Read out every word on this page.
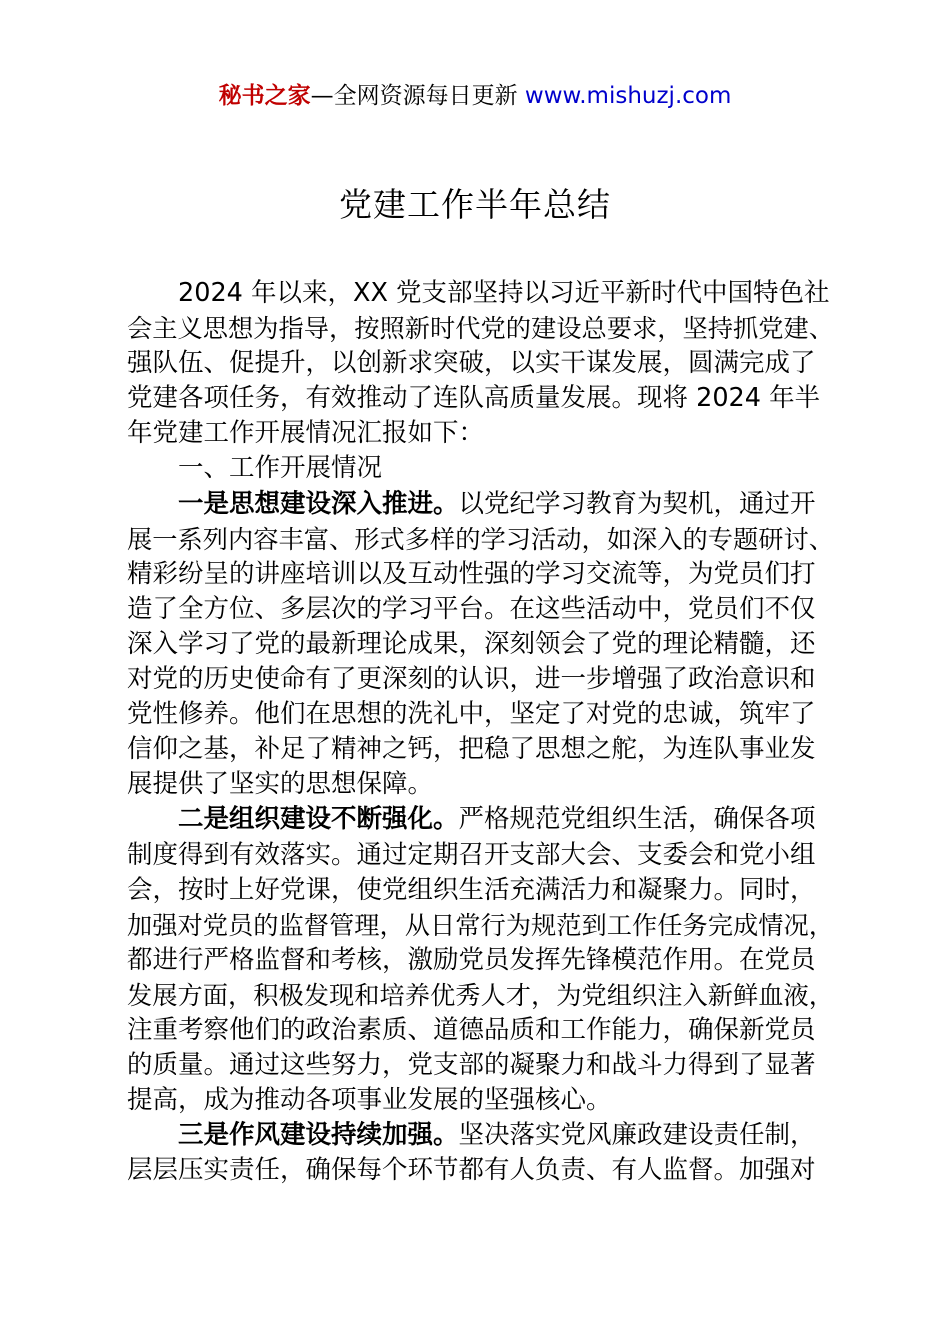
秘书之家—全网资源每日更新 www.mishuzj.com
党建工作半年总结
2024 年以来，XX 党支部坚持以习近平新时代中国特色社
会主义思想为指导，按照新时代党的建设总要求，坚持抓党建、
强队伍、促提升，以创新求突破，以实干谋发展，圆满完成了
党建各项任务，有效推动了连队高质量发展。现将 2024 年半
年党建工作开展情况汇报如下：
一、工作开展情况
一是思想建设深入推进。以党纪学习教育为契机，通过开
展一系列内容丰富、形式多样的学习活动，如深入的专题研讨、
精彩纷呈的讲座培训以及互动性强的学习交流等，为党员们打
造了全方位、多层次的学习平台。在这些活动中，党员们不仅
深入学习了党的最新理论成果，深刻领会了党的理论精髓，还
对党的历史使命有了更深刻的认识，进一步增强了政治意识和
党性修养。他们在思想的洗礼中，坚定了对党的忠诚，筑牢了
信仰之基，补足了精神之钙，把稳了思想之舵，为连队事业发
展提供了坚实的思想保障。
二是组织建设不断强化。严格规范党组织生活，确保各项
制度得到有效落实。通过定期召开支部大会、支委会和党小组
会，按时上好党课，使党组织生活充满活力和凝聚力。同时，
加强对党员的监督管理，从日常行为规范到工作任务完成情况，
都进行严格监督和考核，激励党员发挥先锋模范作用。在党员
发展方面，积极发现和培养优秀人才，为党组织注入新鲜血液，
注重考察他们的政治素质、道德品质和工作能力，确保新党员
的质量。通过这些努力，党支部的凝聚力和战斗力得到了显著
提高，成为推动各项事业发展的坚强核心。
三是作风建设持续加强。坚决落实党风廉政建设责任制，
层层压实责任，确保每个环节都有人负责、有人监督。加强对
